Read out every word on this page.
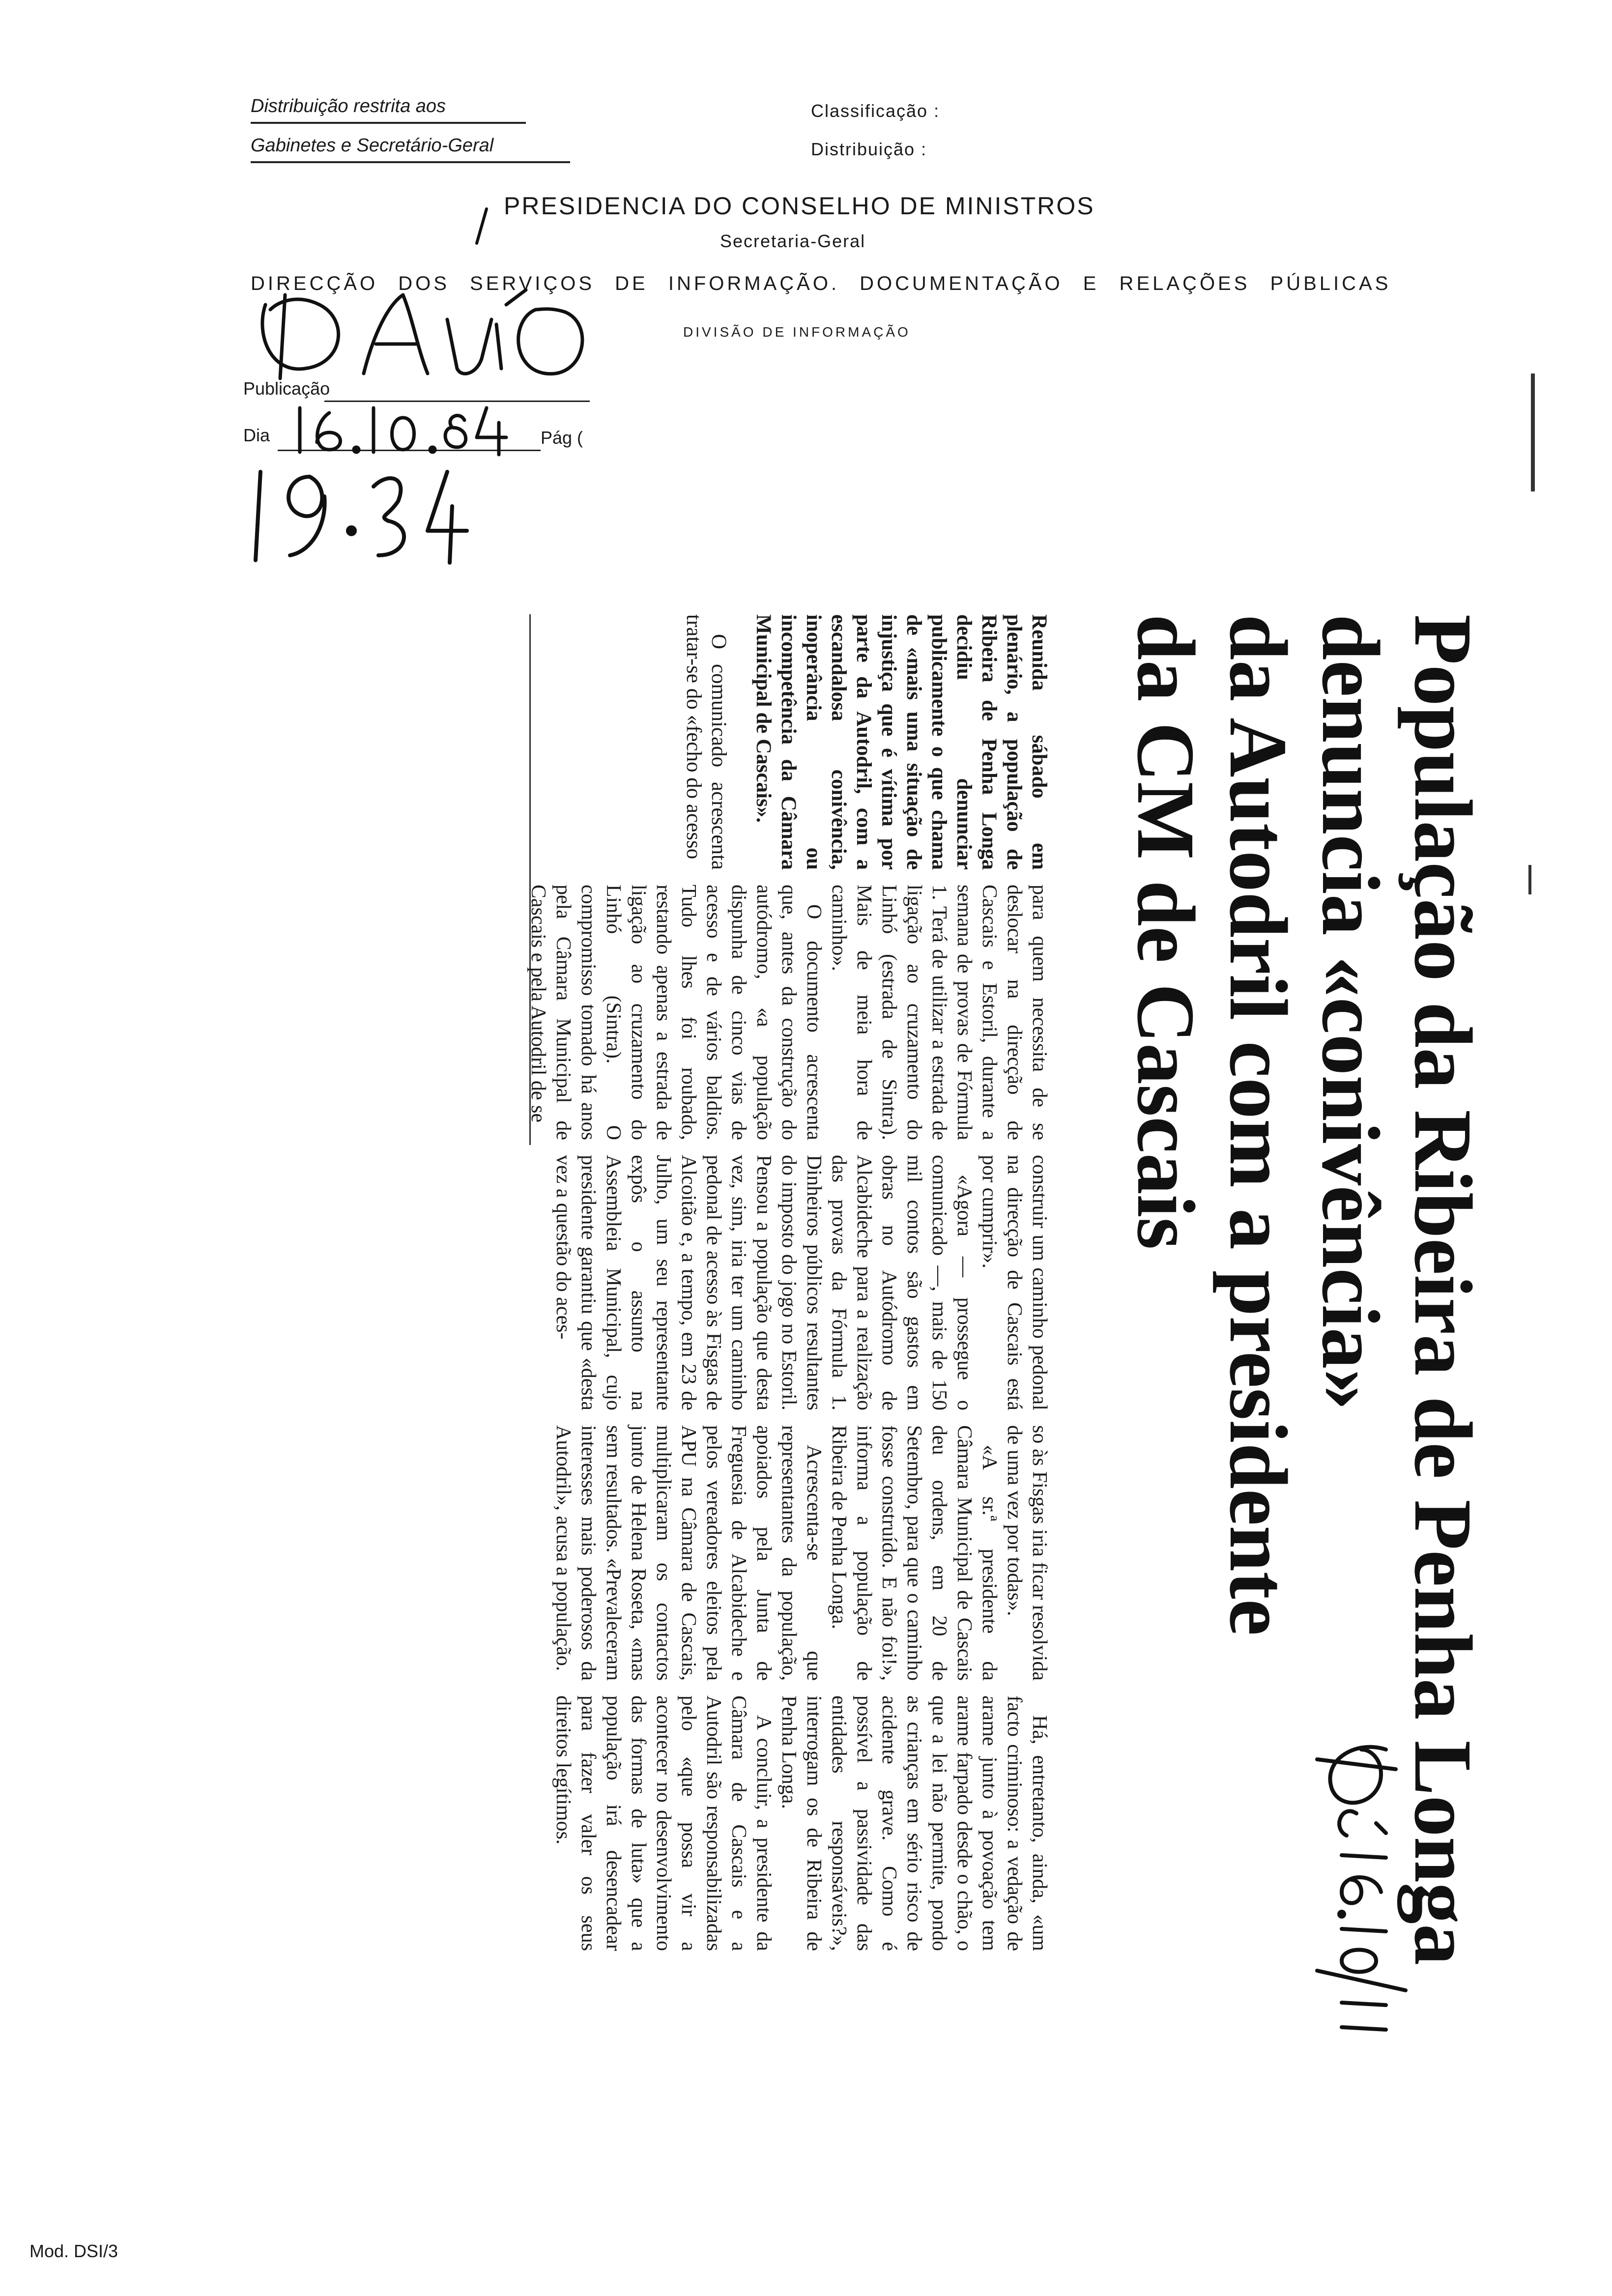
Distribuição restrita aos
Gabinetes e Secretário-Geral
Classificação :
Distribuição :
PRESIDENCIA DO CONSELHO DE MINISTROS
Secretaria-Geral
DIRECÇÃO DOS SERVIÇOS DE INFORMAÇÃO. DOCUMENTAÇÃO E RELAÇÕES PÚBLICAS
DIVISÃO DE INFORMAÇÃO
Publicação
Dia	Pág (
População da Ribeira de Penha Longa
denuncia «conivência»
da Autodril com a presidente
da CM de Cascais

Reunida sábado em plenário, a população de Ribeira de Penha Longa decidiu denunciar publicamente o que chama de «mais uma situação de injustiça que é vítima por parte da Autodril, com a escandalosa conivência, inoperância ou incompetência da Câmara Municipal de Cascais».

O comunicado acrescenta tratar-se do «fecho do acesso

para quem necessita de se deslocar na direcção de Cascais e Estoril, durante a semana de provas de Fórmula 1. Terá de utilizar a estrada de ligação ao cruzamento do Linhó (estrada de Sintra). Mais de meia hora de caminho».

O documento acrescenta que, antes da construção do autódromo, «a população dispunha de cinco vias de acesso e de vários baldios. Tudo lhes foi roubado, restando apenas a estrada de ligação ao cruzamento do Linhó (Sintra). O compromisso tomado há anos pela Câmara Municipal de Cascais e pela Autodril de se

construir um caminho pedonal na direcção de Cascais está por cumprir».

«Agora — prossegue o comunicado —, mais de 150 mil contos são gastos em obras no Autódromo de Alcabideche para a realização das provas da Fórmula 1. Dinheiros públicos resultantes do imposto do jogo no Estoril. Pensou a população que desta vez, sim, iria ter um caminho pedonal de acesso às Fisgas de Alcoitão e, a tempo, em 23 de Julho, um seu representante expôs o assunto na Assembleia Municipal, cujo presidente garantiu que «desta vez a questão do aces-

so às Fisgas iria ficar resolvida de uma vez por todas».

«A sr.ª presidente da Câmara Municipal de Cascais deu ordens, em 20 de Setembro, para que o caminho fosse construído. E não foi!», informa a população de Ribeira de Penha Longa.

Acrescenta-se que representantes da população, apoiados pela Junta de Freguesia de Alcabideche e pelos vereadores eleitos pela APU na Câmara de Cascais, multiplicaram os contactos junto de Helena Roseta, «mas sem resultados. «Prevaleceram interesses mais poderosos da Autodril», acusa a população.

Há, entretanto, ainda, «um facto criminoso: a vedação de arame junto à povoação tem arame farpado desde o chão, o que a lei não permite, pondo as crianças em sério risco de acidente grave. Como é possível a passividade das entidades responsáveis?», interrogam os de Ribeira de Penha Longa.

A concluir, a presidente da Câmara de Cascais e a Autodril são responsabilizadas pelo «que possa vir a acontecer no desenvolvimento das formas de luta» que a população irá desencadear para fazer valer os seus direitos legítimos.

Mod. DSI/3
